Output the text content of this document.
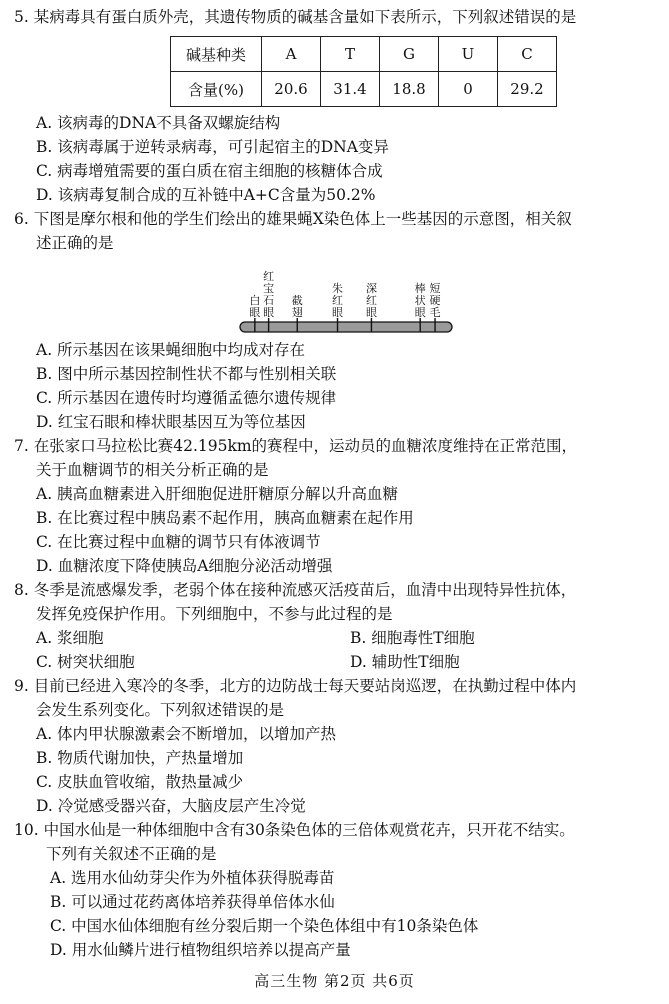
5. 某病毒具有蛋白质外壳，其遗传物质的碱基含量如下表所示，下列叙述错误的是
碱基种类	A	T	G	U	C
含量(%)	20.6	31.4	18.8	0	29.2
A. 该病毒的DNA不具备双螺旋结构
B. 该病毒属于逆转录病毒，可引起宿主的DNA变异
C. 病毒增殖需要的蛋白质在宿主细胞的核糖体合成
D. 该病毒复制合成的互补链中A+C含量为50.2%
6. 下图是摩尔根和他的学生们绘出的雄果蝇X染色体上一些基因的示意图，相关叙
述正确的是
白眼
红宝石眼
截翅
朱红眼
深红眼
棒状眼
短硬毛
A. 所示基因在该果蝇细胞中均成对存在
B. 图中所示基因控制性状不都与性别相关联
C. 所示基因在遗传时均遵循孟德尔遗传规律
D. 红宝石眼和棒状眼基因互为等位基因
7. 在张家口马拉松比赛42.195km的赛程中，运动员的血糖浓度维持在正常范围，
关于血糖调节的相关分析正确的是
A. 胰高血糖素进入肝细胞促进肝糖原分解以升高血糖
B. 在比赛过程中胰岛素不起作用，胰高血糖素在起作用
C. 在比赛过程中血糖的调节只有体液调节
D. 血糖浓度下降使胰岛A细胞分泌活动增强
8. 冬季是流感爆发季，老弱个体在接种流感灭活疫苗后，血清中出现特异性抗体，
发挥免疫保护作用。下列细胞中，不参与此过程的是
A. 浆细胞	B. 细胞毒性T细胞
C. 树突状细胞	D. 辅助性T细胞
9. 目前已经进入寒冷的冬季，北方的边防战士每天要站岗巡逻，在执勤过程中体内
会发生系列变化。下列叙述错误的是
A. 体内甲状腺激素会不断增加，以增加产热
B. 物质代谢加快，产热量增加
C. 皮肤血管收缩，散热量减少
D. 冷觉感受器兴奋，大脑皮层产生冷觉
10. 中国水仙是一种体细胞中含有30条染色体的三倍体观赏花卉，只开花不结实。
下列有关叙述不正确的是
A. 选用水仙幼芽尖作为外植体获得脱毒苗
B. 可以通过花药离体培养获得单倍体水仙
C. 中国水仙体细胞有丝分裂后期一个染色体组中有10条染色体
D. 用水仙鳞片进行植物组织培养以提高产量
高三生物 第2页 共6页
